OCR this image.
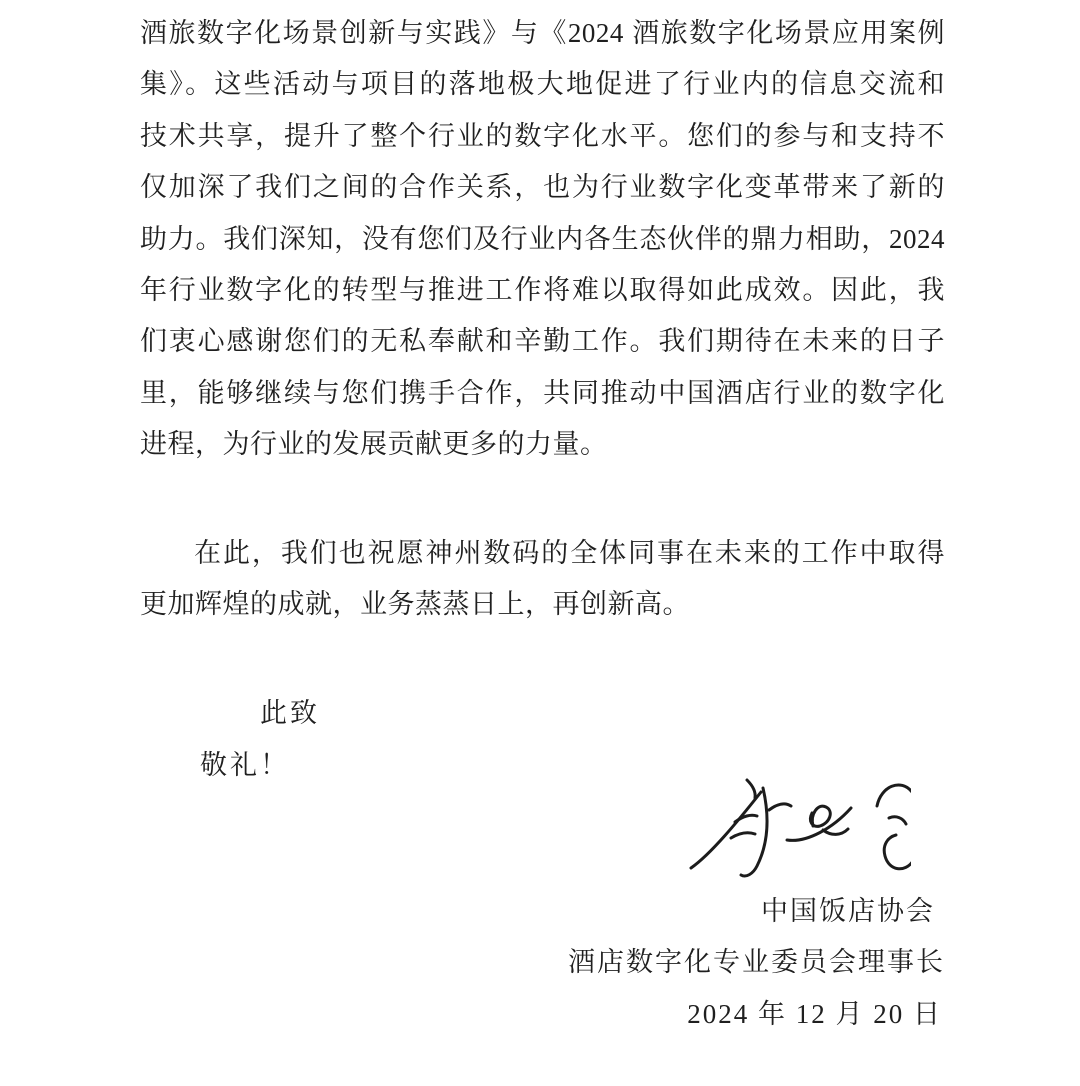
酒旅数字化场景创新与实践》与《2024 酒旅数字化场景应用案例
集》。这些活动与项目的落地极大地促进了行业内的信息交流和
技术共享，提升了整个行业的数字化水平。您们的参与和支持不
仅加深了我们之间的合作关系，也为行业数字化变革带来了新的
助力。我们深知，没有您们及行业内各生态伙伴的鼎力相助，2024
年行业数字化的转型与推进工作将难以取得如此成效。因此，我
们衷心感谢您们的无私奉献和辛勤工作。我们期待在未来的日子
里，能够继续与您们携手合作，共同推动中国酒店行业的数字化
进程，为行业的发展贡献更多的力量。
在此，我们也祝愿神州数码的全体同事在未来的工作中取得
更加辉煌的成就，业务蒸蒸日上，再创新高。
此致
敬礼！
中国饭店协会
酒店数字化专业委员会理事长
2024 年 12 月 20 日
